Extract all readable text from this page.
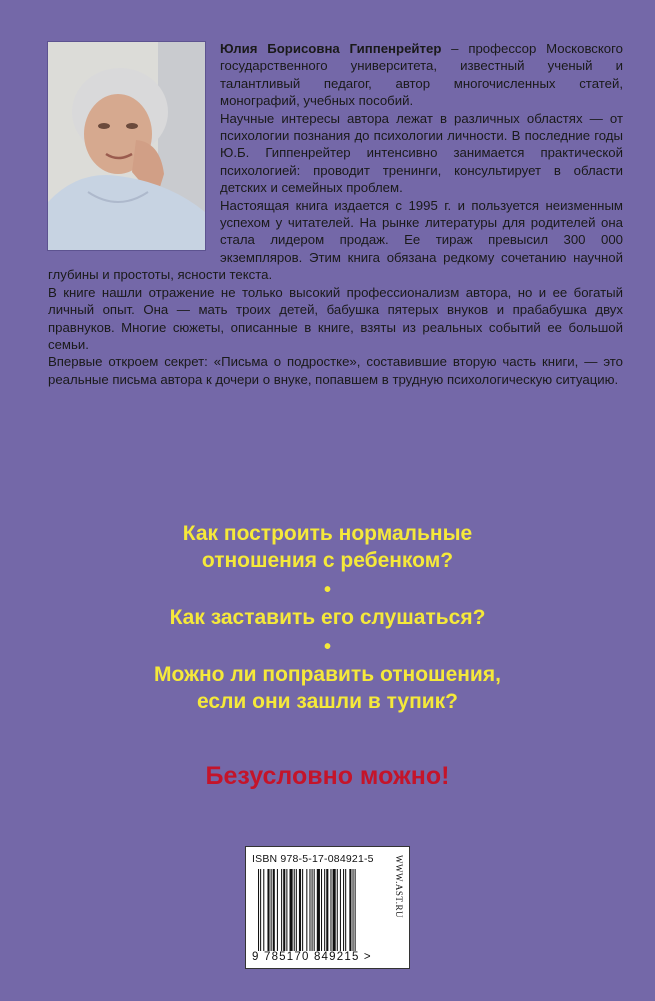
Юлия Борисовна Гиппенрейтер – профессор Московского государственного университета, известный ученый и талантливый педагог, автор многочисленных статей, монографий, учебных пособий.

Научные интересы автора лежат в различных областях — от психологии познания до психологии личности. В последние годы Ю.Б. Гиппенрейтер интенсивно занимается практической психологией: проводит тренинги, консультирует в области детских и семейных проблем.

Настоящая книга издается с 1995 г. и пользуется неизменным успехом у читателей. На рынке литературы для родителей она стала лидером продаж. Ее тираж превысил 300 000 экземпляров. Этим книга обязана редкому сочетанию научной глубины и простоты, ясности текста.

В книге нашли отражение не только высокий профессионализм автора, но и ее богатый личный опыт. Она — мать троих детей, бабушка пятерых внуков и прабабушка двух правнуков. Многие сюжеты, описанные в книге, взяты из реальных событий ее большой семьи.

Впервые откроем секрет: «Письма о подростке», составившие вторую часть книги, — это реальные письма автора к дочери о внуке, попавшем в трудную психологическую ситуацию.

Как построить нормальные

отношения с ребенком?

•

Как заставить его слушаться?

•

Можно ли поправить отношения,

если они зашли в тупик?

Безусловно можно!
ISBN 978-5-17-084921-5
9 785170 849215 >
WWW.AST.RU
